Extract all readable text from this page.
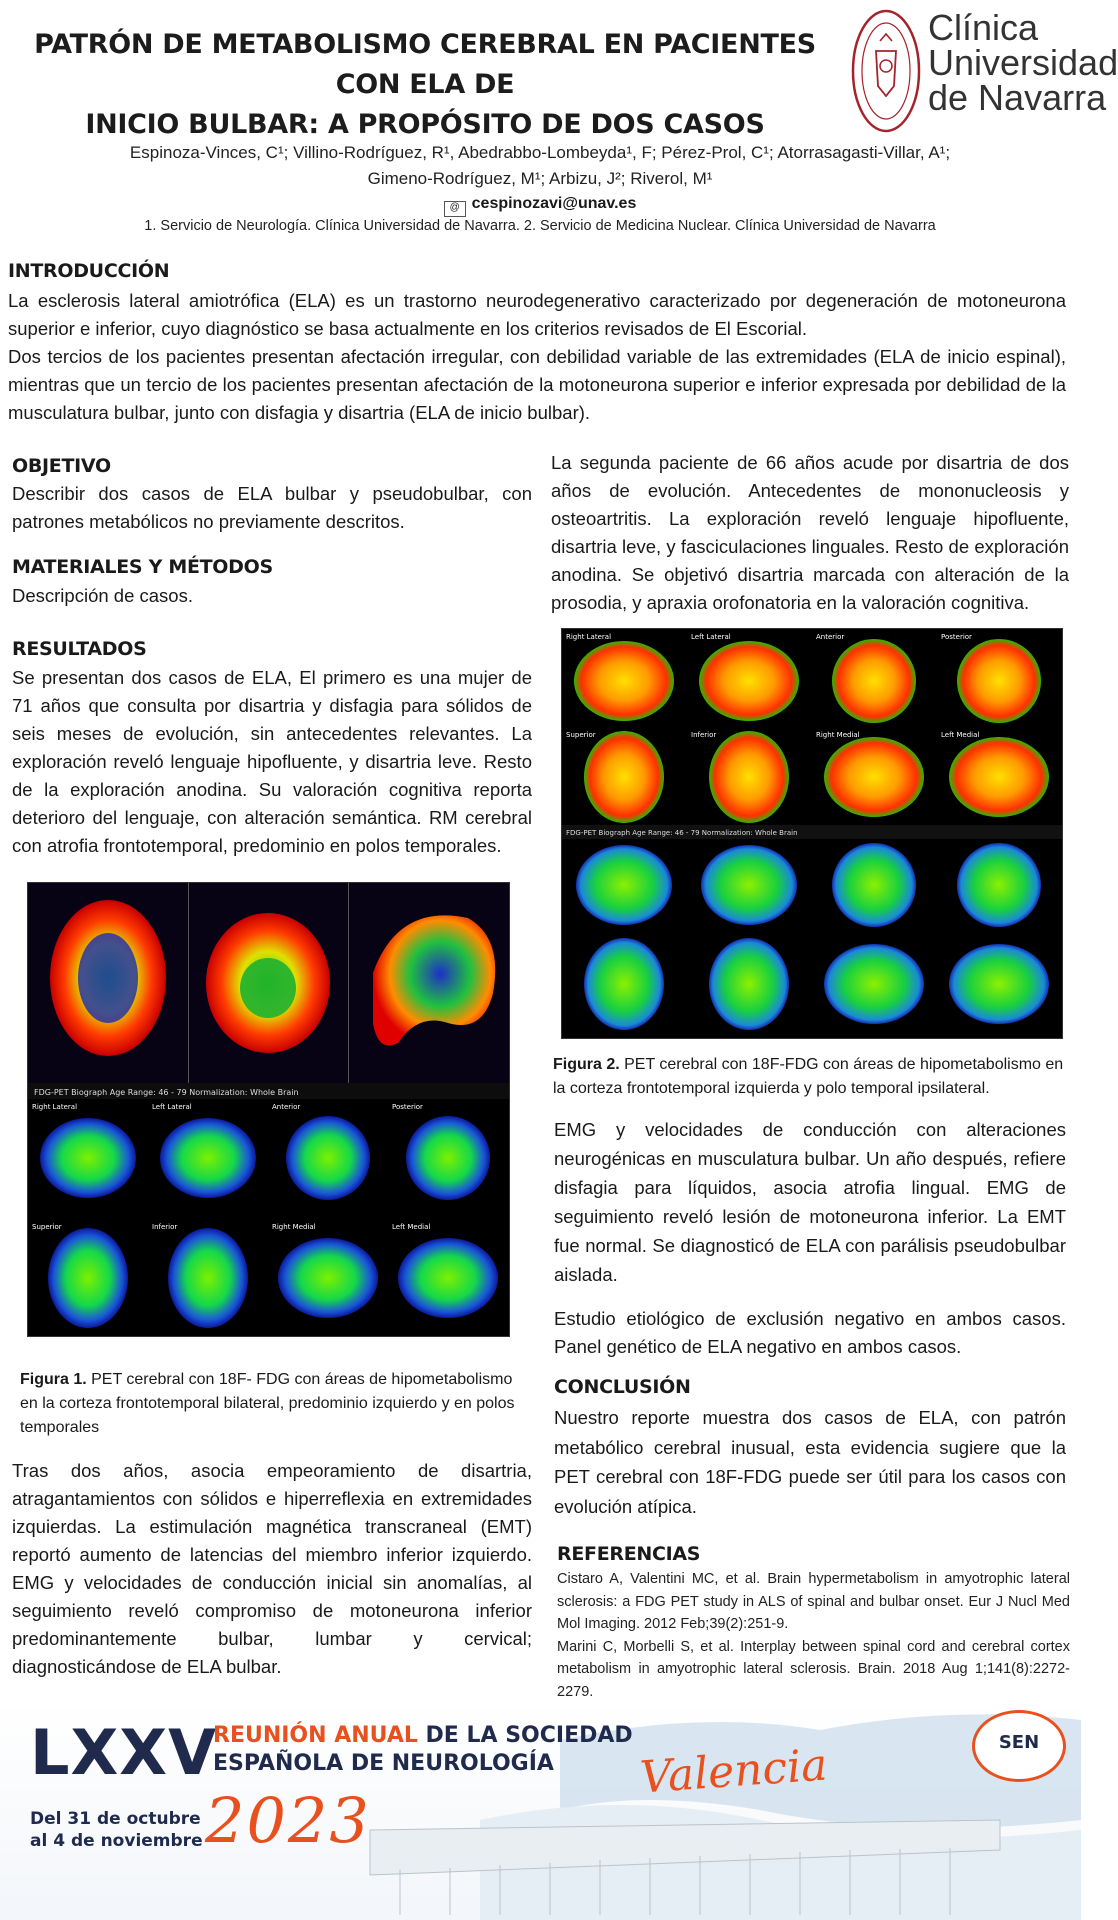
PATRÓN DE METABOLISMO CEREBRAL EN PACIENTES CON ELA DE
INICIO BULBAR: A PROPÓSITO DE DOS CASOS
Clínica
Universidad
de Navarra
Espinoza-Vinces, C¹; Villino-Rodríguez, R¹, Abedrabbo-Lombeyda¹, F; Pérez-Prol, C¹; Atorrasagasti-Villar, A¹;
Gimeno-Rodríguez, M¹; Arbizu, J²; Riverol, M¹
@ cespinozavi@unav.es
1. Servicio de Neurología. Clínica Universidad de Navarra. 2. Servicio de Medicina Nuclear. Clínica Universidad de Navarra
INTRODUCCIÓN
La esclerosis lateral amiotrófica (ELA) es un trastorno neurodegenerativo caracterizado por degeneración de motoneurona superior e inferior, cuyo diagnóstico se basa actualmente en los criterios revisados de El Escorial.
Dos tercios de los pacientes presentan afectación irregular, con debilidad variable de las extremidades (ELA de inicio espinal), mientras que un tercio de los pacientes presentan afectación de la motoneurona superior e inferior expresada por debilidad de la musculatura bulbar, junto con disfagia y disartria (ELA de inicio bulbar).
OBJETIVO
Describir dos casos de ELA bulbar y pseudobulbar, con patrones metabólicos no previamente descritos.
MATERIALES Y MÉTODOS
Descripción de casos.
RESULTADOS
Se presentan dos casos de ELA, El primero es una mujer de 71 años que consulta por disartria y disfagia para sólidos de seis meses de evolución, sin antecedentes relevantes. La exploración reveló lenguaje hipofluente, y disartria leve. Resto de la exploración anodina. Su valoración cognitiva reporta deterioro del lenguaje, con alteración semántica. RM cerebral con atrofia frontotemporal, predominio en polos temporales.
FDG-PET Biograph Age Range: 46 - 79 Normalization: Whole Brain
Right Lateral	Left Lateral	Anterior	Posterior
Superior	Inferior	Right Medial	Left Medial
Figura 1. PET cerebral con 18F- FDG con áreas de hipometabolismo en la corteza frontotemporal bilateral, predominio izquierdo y en polos temporales
Tras dos años, asocia empeoramiento de disartria, atragantamientos con sólidos e hiperreflexia en extremidades izquierdas. La estimulación magnética transcraneal (EMT) reportó aumento de latencias del miembro inferior izquierdo. EMG y velocidades de conducción inicial sin anomalías, al seguimiento reveló compromiso de motoneurona inferior predominantemente bulbar, lumbar y cervical; diagnosticándose de ELA bulbar.
La segunda paciente de 66 años acude por disartria de dos años de evolución. Antecedentes de mononucleosis y osteoartritis. La exploración reveló lenguaje hipofluente, disartria leve, y fasciculaciones linguales. Resto de exploración anodina. Se objetivó disartria marcada con alteración de la prosodia, y apraxia orofonatoria en la valoración cognitiva.
FDG-PET Biograph Age Range: 46 - 79 Normalization: Whole Brain
Right Lateral	Left Lateral	Anterior	Posterior
Superior	Inferior	Right Medial	Left Medial
Figura 2. PET cerebral con 18F-FDG con áreas de hipometabolismo en la corteza frontotemporal izquierda y polo temporal ipsilateral.
EMG y velocidades de conducción con alteraciones neurogénicas en musculatura bulbar. Un año después, refiere disfagia para líquidos, asocia atrofia lingual. EMG de seguimiento reveló lesión de motoneurona inferior. La EMT fue normal. Se diagnosticó de ELA con parálisis pseudobulbar aislada.
Estudio etiológico de exclusión negativo en ambos casos. Panel genético de ELA negativo en ambos casos.
CONCLUSIÓN
Nuestro reporte muestra dos casos de ELA, con patrón metabólico cerebral inusual, esta evidencia sugiere que la PET cerebral con 18F-FDG puede ser útil para los casos con evolución atípica.
REFERENCIAS
Cistaro A, Valentini MC, et al. Brain hypermetabolism in amyotrophic lateral sclerosis: a FDG PET study in ALS of spinal and bulbar onset. Eur J Nucl Med Mol Imaging. 2012 Feb;39(2):251-9.
Marini C, Morbelli S, et al. Interplay between spinal cord and cerebral cortex metabolism in amyotrophic lateral sclerosis. Brain. 2018 Aug 1;141(8):2272-2279.
LXXV
REUNIÓN ANUAL DE LA SOCIEDAD
ESPAÑOLA DE NEUROLOGÍA	Valencia
Del 31 de octubre
al 4 de noviembre 2023
SEN
